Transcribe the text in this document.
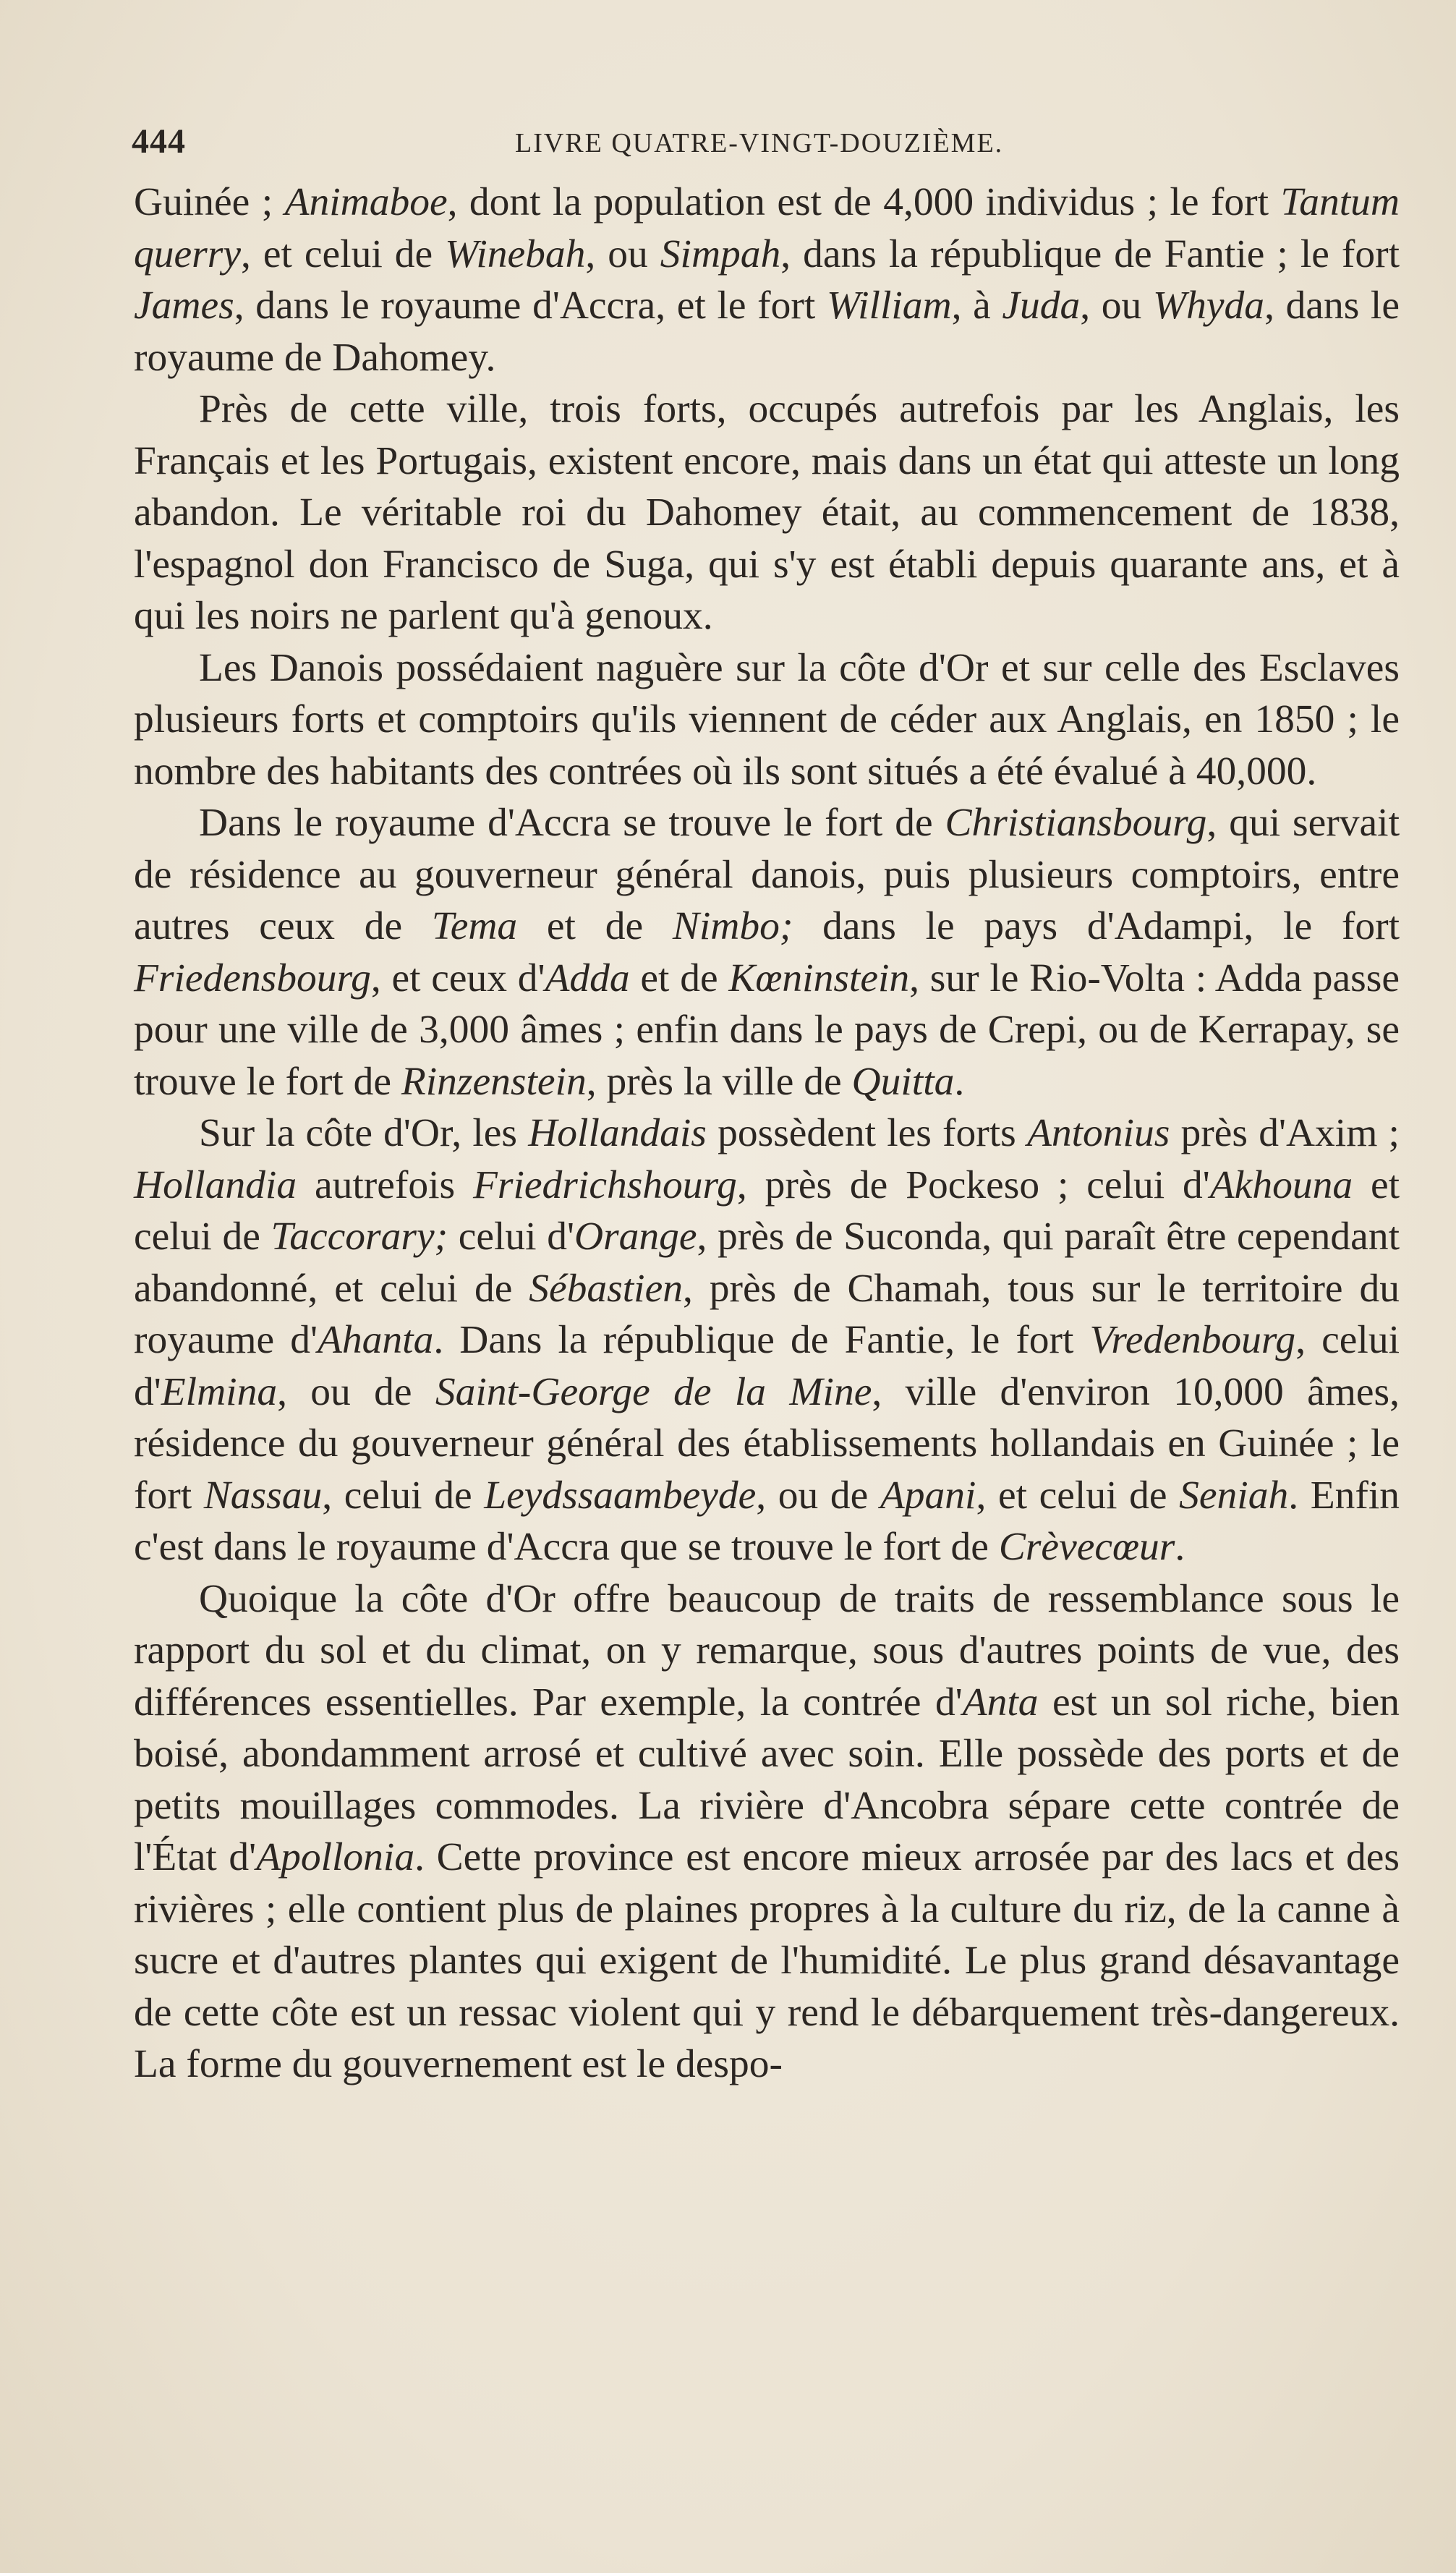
444	LIVRE QUATRE-VINGT-DOUZIÈME.

Guinée ; Animaboe, dont la population est de 4,000 individus ; le fort Tantum querry, et celui de Winebah, ou Simpah, dans la république de Fantie ; le fort James, dans le royaume d'Accra, et le fort William, à Juda, ou Whyda, dans le royaume de Dahomey.

Près de cette ville, trois forts, occupés autrefois par les Anglais, les Français et les Portugais, existent encore, mais dans un état qui atteste un long abandon. Le véritable roi du Dahomey était, au commencement de 1838, l'espagnol don Francisco de Suga, qui s'y est établi depuis quarante ans, et à qui les noirs ne parlent qu'à genoux.

Les Danois possédaient naguère sur la côte d'Or et sur celle des Esclaves plusieurs forts et comptoirs qu'ils viennent de céder aux Anglais, en 1850 ; le nombre des habitants des contrées où ils sont situés a été évalué à 40,000.

Dans le royaume d'Accra se trouve le fort de Christiansbourg, qui servait de résidence au gouverneur général danois, puis plusieurs comptoirs, entre autres ceux de Tema et de Nimbo; dans le pays d'Adampi, le fort Friedensbourg, et ceux d'Adda et de Kœninstein, sur le Rio-Volta : Adda passe pour une ville de 3,000 âmes ; enfin dans le pays de Crepi, ou de Kerrapay, se trouve le fort de Rinzenstein, près la ville de Quitta.

Sur la côte d'Or, les Hollandais possèdent les forts Antonius près d'Axim ; Hollandia autrefois Friedrichshourg, près de Pockeso ; celui d'Akhouna et celui de Taccorary; celui d'Orange, près de Suconda, qui paraît être cependant abandonné, et celui de Sébastien, près de Chamah, tous sur le territoire du royaume d'Ahanta. Dans la république de Fantie, le fort Vredenbourg, celui d'Elmina, ou de Saint-George de la Mine, ville d'environ 10,000 âmes, résidence du gouverneur général des établissements hollandais en Guinée ; le fort Nassau, celui de Leydssaambeyde, ou de Apani, et celui de Seniah. Enfin c'est dans le royaume d'Accra que se trouve le fort de Crèvecœur.

Quoique la côte d'Or offre beaucoup de traits de ressemblance sous le rapport du sol et du climat, on y remarque, sous d'autres points de vue, des différences essentielles. Par exemple, la contrée d'Anta est un sol riche, bien boisé, abondamment arrosé et cultivé avec soin. Elle possède des ports et de petits mouillages commodes. La rivière d'Ancobra sépare cette contrée de l'État d'Apollonia. Cette province est encore mieux arrosée par des lacs et des rivières ; elle contient plus de plaines propres à la culture du riz, de la canne à sucre et d'autres plantes qui exigent de l'humidité. Le plus grand désavantage de cette côte est un ressac violent qui y rend le débarquement très-dangereux. La forme du gouvernement est le despo-
